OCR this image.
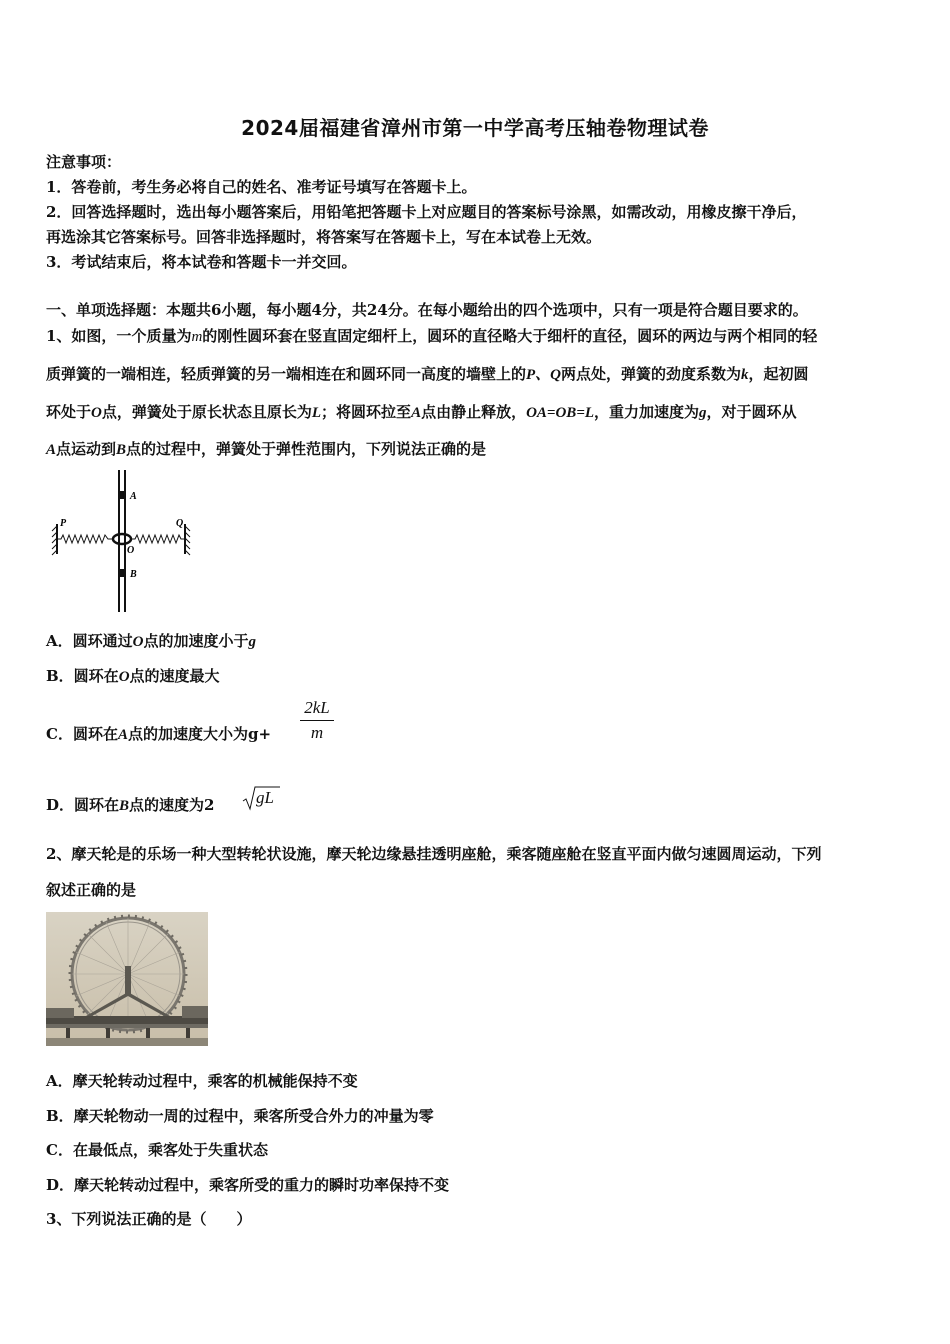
2024届福建省漳州市第一中学高考压轴卷物理试卷
注意事项：
1．答卷前，考生务必将自己的姓名、准考证号填写在答题卡上。
2．回答选择题时，选出每小题答案后，用铅笔把答题卡上对应题目的答案标号涂黑，如需改动，用橡皮擦干净后，
再选涂其它答案标号。回答非选择题时，将答案写在答题卡上，写在本试卷上无效。
3．考试结束后，将本试卷和答题卡一并交回。
一、单项选择题：本题共6小题，每小题4分，共24分。在每小题给出的四个选项中，只有一项是符合题目要求的。
1、如图，一个质量为m的刚性圆环套在竖直固定细杆上，圆环的直径略大于细杆的直径，圆环的两边与两个相同的轻
质弹簧的一端相连，轻质弹簧的另一端相连在和圆环同一高度的墙壁上的P、Q两点处，弹簧的劲度系数为k，起初圆
环处于O点，弹簧处于原长状态且原长为L；将圆环拉至A点由静止释放，OA=OB=L，重力加速度为g，对于圆环从
A点运动到B点的过程中，弹簧处于弹性范围内，下列说法正确的是
A
B
O
P	Q
A．圆环通过O点的加速度小于g
B．圆环在O点的速度最大
C．圆环在A点的加速度大小为g+
2kL
m
D．圆环在B点的速度为2 gL
2、摩天轮是的乐场一种大型转轮状设施，摩天轮边缘悬挂透明座舱，乘客随座舱在竖直平面内做匀速圆周运动，下列
叙述正确的是
A．摩天轮转动过程中，乘客的机械能保持不变
B．摩天轮物动一周的过程中，乘客所受合外力的冲量为零
C．在最低点，乘客处于失重状态
D．摩天轮转动过程中，乘客所受的重力的瞬时功率保持不变
3、下列说法正确的是（　　）
